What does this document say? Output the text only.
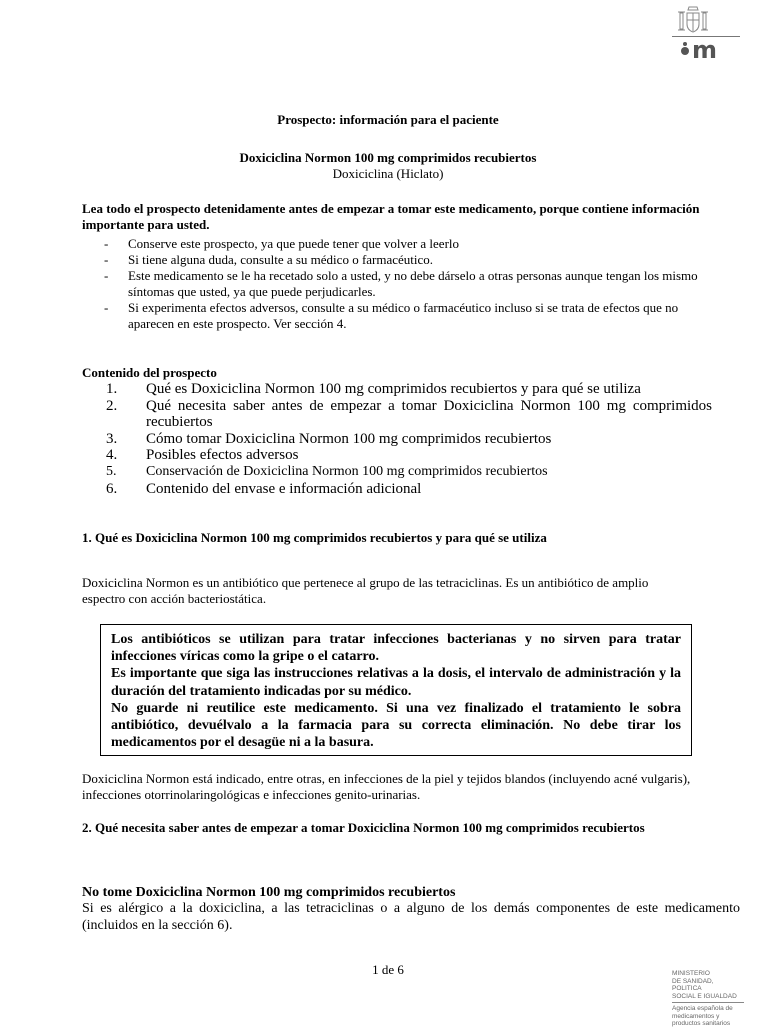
m
Prospecto: información para el paciente
Doxiciclina Normon 100 mg comprimidos recubiertos
Doxiciclina (Hiclato)
Lea todo el prospecto detenidamente antes de empezar a tomar este medicamento, porque contiene información importante para usted.
- Conserve este prospecto, ya que puede tener que volver a leerlo
- Si tiene alguna duda, consulte a su médico o farmacéutico.
- Este medicamento se le ha recetado solo a usted, y no debe dárselo a otras personas aunque tengan los mismo síntomas que usted, ya que puede perjudicarles.
- Si experimenta efectos adversos, consulte a su médico o farmacéutico incluso si se trata de efectos que no aparecen en este prospecto. Ver sección 4.
Contenido del prospecto
1. Qué es Doxiciclina Normon 100 mg comprimidos recubiertos y para qué se utiliza
2. Qué necesita saber antes de empezar a tomar Doxiciclina Normon 100 mg comprimidos recubiertos
3. Cómo tomar Doxiciclina Normon 100 mg comprimidos recubiertos
4. Posibles efectos adversos
5. Conservación de Doxiciclina Normon 100 mg comprimidos recubiertos
6. Contenido del envase e información adicional
1. Qué es Doxiciclina Normon 100 mg comprimidos recubiertos y para qué se utiliza
Doxiciclina Normon es un antibiótico que pertenece al grupo de las tetraciclinas. Es un antibiótico de amplio espectro con acción bacteriostática.
Los antibióticos se utilizan para tratar infecciones bacterianas y no sirven para tratar infecciones víricas como la gripe o el catarro.
Es importante que siga las instrucciones relativas a la dosis, el intervalo de administración y la duración del tratamiento indicadas por su médico.
No guarde ni reutilice este medicamento. Si una vez finalizado el tratamiento le sobra antibiótico, devuélvalo a la farmacia para su correcta eliminación. No debe tirar los medicamentos por el desagüe ni a la basura.
Doxiciclina Normon está indicado, entre otras, en infecciones de la piel y tejidos blandos (incluyendo acné vulgaris), infecciones otorrinolaringológicas e infecciones genito-urinarias.
2. Qué necesita saber antes de empezar a tomar Doxiciclina Normon 100 mg comprimidos recubiertos
No tome Doxiciclina Normon 100 mg comprimidos recubiertos
Si es alérgico a la doxiciclina, a las tetraciclinas o a alguno de los demás componentes de este medicamento (incluidos en la sección 6).
1 de 6	MINISTERIO
DE SANIDAD, POLITICA
SOCIAL E IGUALDAD
Agencia española de
medicamentos y
productos sanitarios
